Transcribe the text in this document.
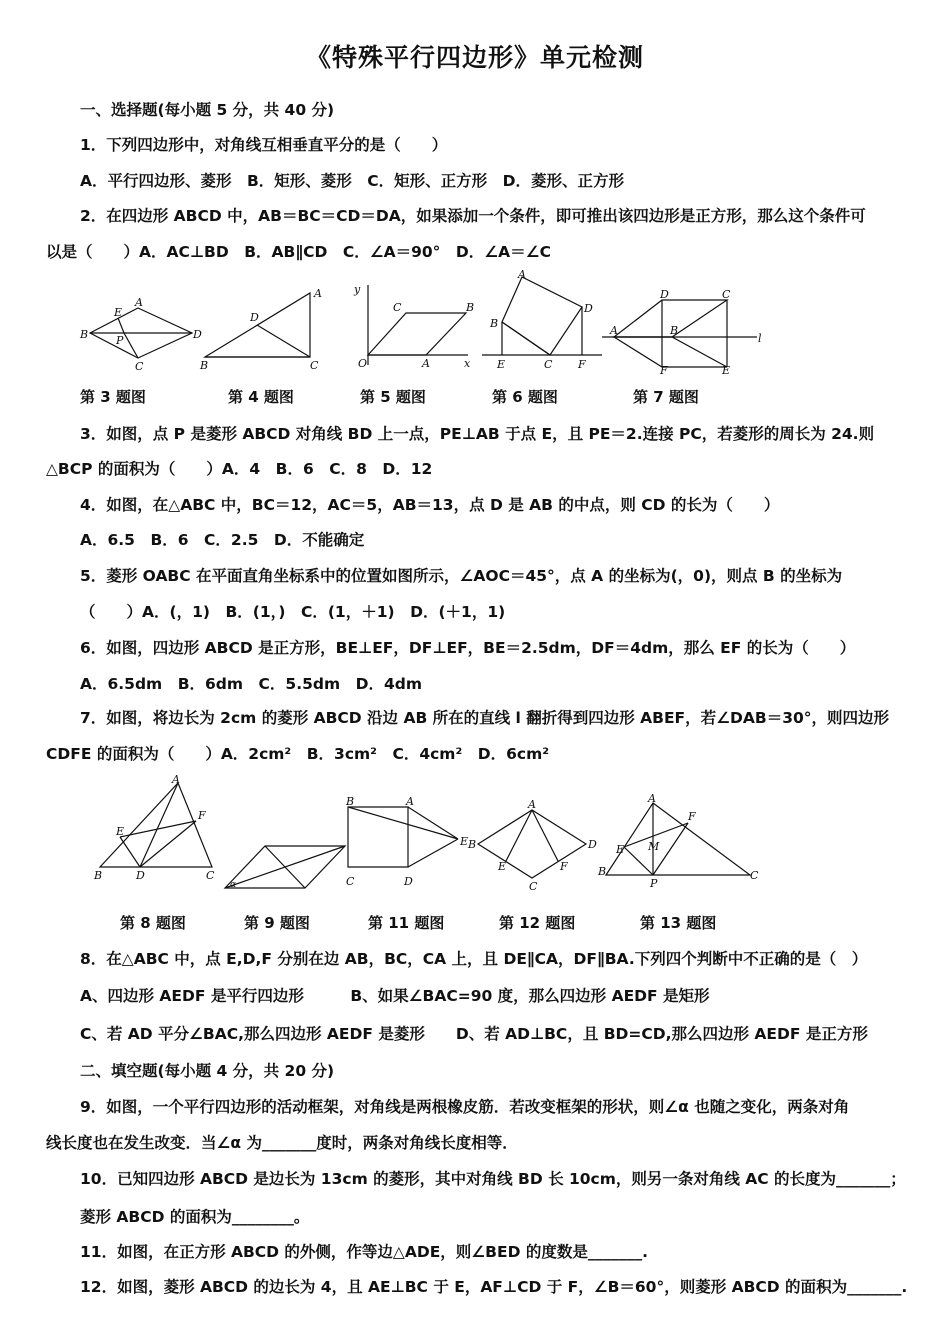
《特殊平行四边形》单元检测
一、选择题(每小题 5 分，共 40 分)
1．下列四边形中，对角线互相垂直平分的是（　　）
A．平行四边形、菱形　B．矩形、菱形　C．矩形、正方形　D．菱形、正方形
2．在四边形 ABCD 中，AB＝BC＝CD＝DA，如果添加一个条件，即可推出该四边形是正方形，那么这个条件可
以是（　　）A．AC⊥BD　B．AB∥CD　C．∠A＝90°　D．∠A＝∠C
B
A
D
C
E
P
B
A
C
D
y
O	A	x
C	B
A
B
D
E	C F
A
D	C
B
F	E
l
第 3 题图	第 4 题图	第 5 题图	第 6 题图	第 7 题图
3．如图，点 P 是菱形 ABCD 对角线 BD 上一点，PE⊥AB 于点 E，且 PE＝2.连接 PC，若菱形的周长为 24.则
△BCP 的面积为（　　）A．4　B．6　C．8　D．12
4．如图，在△ABC 中，BC＝12，AC＝5，AB＝13，点 D 是 AB 的中点，则 CD 的长为（　　）
A．6.5　B．6　C．2.5　D．不能确定
5．菱形 OABC 在平面直角坐标系中的位置如图所示，∠AOC＝45°，点 A 的坐标为(，0)，则点 B 的坐标为
（　　）A．(，1)　B．(1，)　C．(1，＋1)　D．(＋1，1)
6．如图，四边形 ABCD 是正方形，BE⊥EF，DF⊥EF，BE＝2.5dm，DF＝4dm，那么 EF 的长为（　　）
A．6.5dm　B．6dm　C．5.5dm　D．4dm
7．如图，将边长为 2cm 的菱形 ABCD 沿边 AB 所在的直线 l 翻折得到四边形 ABEF，若∠DAB＝30°，则四边形
CDFE 的面积为（　　）A．2cm²　B．3cm²　C．4cm²　D．6cm²
A
E
F
B	D	C
α
B	A
C	D
E
A
B	D
E	F
C
A
E
F
M
B
P
C
第 8 题图	第 9 题图	第 11 题图	第 12 题图	第 13 题图
8．在△ABC 中，点 E,D,F 分别在边 AB，BC，CA 上，且 DE∥CA，DF∥BA.下列四个判断中不正确的是（　）
A、四边形 AEDF 是平行四边形　　　B、如果∠BAC=90 度，那么四边形 AEDF 是矩形
C、若 AD 平分∠BAC,那么四边形 AEDF 是菱形　　D、若 AD⊥BC，且 BD=CD,那么四边形 AEDF 是正方形
二、填空题(每小题 4 分，共 20 分)
9．如图，一个平行四边形的活动框架，对角线是两根橡皮筋．若改变框架的形状，则∠α 也随之变化，两条对角
线长度也在发生改变．当∠α 为_______度时，两条对角线长度相等．
10．已知四边形 ABCD 是边长为 13cm 的菱形，其中对角线 BD 长 10cm，则另一条对角线 AC 的长度为_______；
菱形 ABCD 的面积为________。
11．如图，在正方形 ABCD 的外侧，作等边△ADE，则∠BED 的度数是_______.
12．如图，菱形 ABCD 的边长为 4，且 AE⊥BC 于 E，AF⊥CD 于 F，∠B＝60°，则菱形 ABCD 的面积为_______.
